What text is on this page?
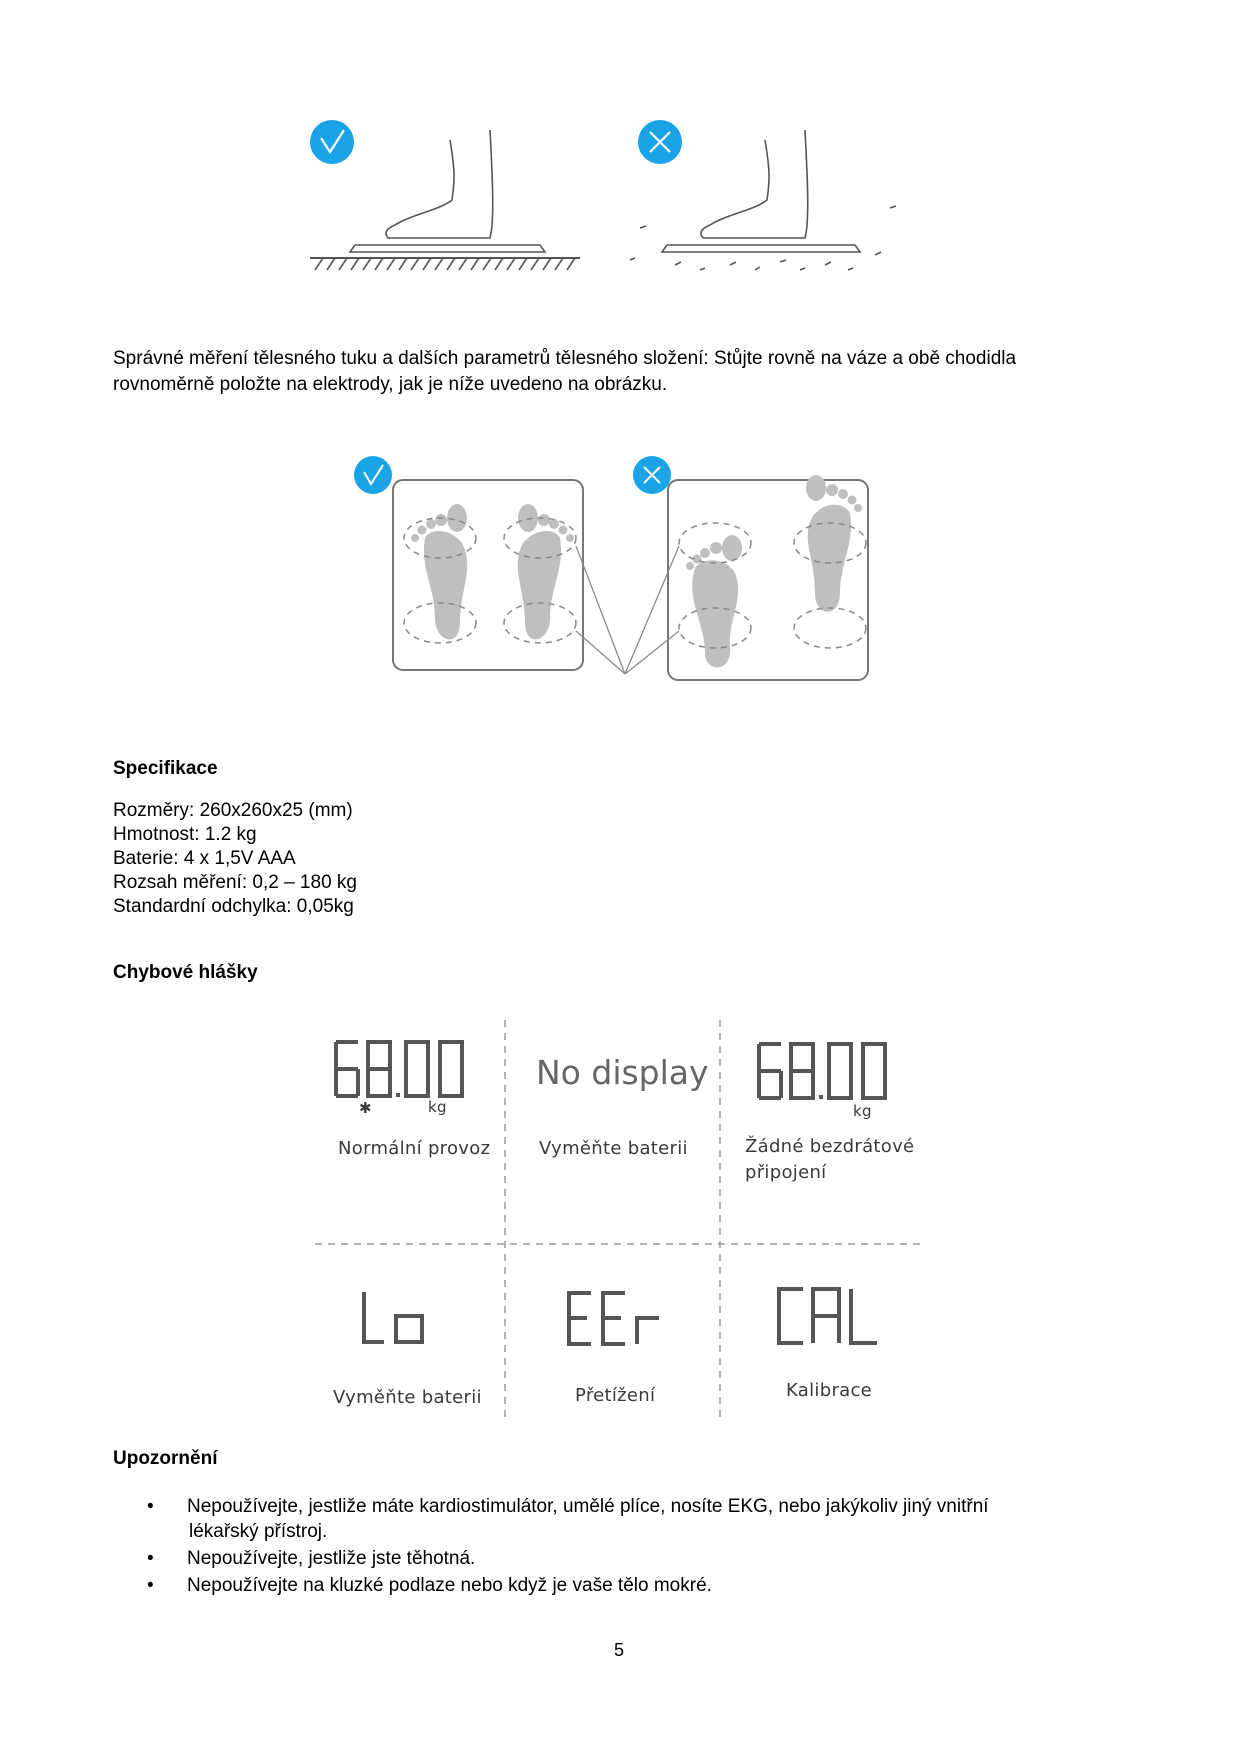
Správné měření tělesného tuku a dalších parametrů tělesného složení: Stůjte rovně na váze a obě chodidla
rovnoměrně položte na elektrody, jak je níže uvedeno na obrázku.
Specifikace
Rozměry: 260x260x25 (mm)
Hmotnost: 1.2 kg
Baterie: 4 x 1,5V AAA
Rozsah měření: 0,2 – 180 kg
Standardní odchylka: 0,05kg
Chybové hlášky
✱	kg
Normální provoz
No display
Vyměňte baterii
kg
Žádné bezdrátové
připojení
Vyměňte baterii	Přetížení	Kalibrace
Upozornění
• Nepoužívejte, jestliže máte kardiostimulátor, umělé plíce, nosíte EKG, nebo jakýkoliv jiný vnitřní
lékařský přístroj.
• Nepoužívejte, jestliže jste těhotná.
• Nepoužívejte na kluzké podlaze nebo když je vaše tělo mokré.
5
